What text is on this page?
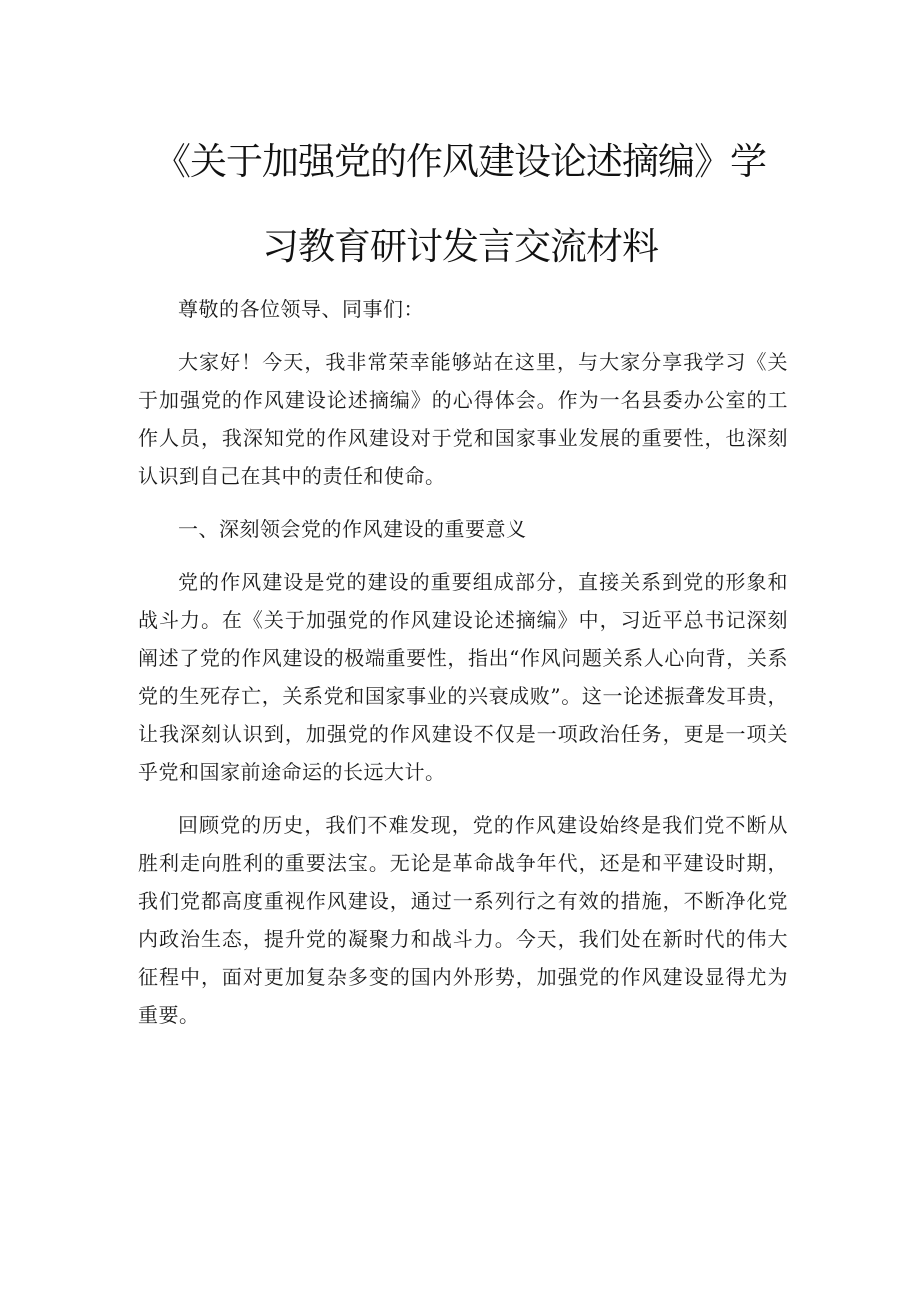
《关于加强党的作风建设论述摘编》学
习教育研讨发言交流材料

尊敬的各位领导、同事们：

大家好！今天，我非常荣幸能够站在这里，与大家分享我学习《关于加强党的作风建设论述摘编》的心得体会。作为一名县委办公室的工作人员，我深知党的作风建设对于党和国家事业发展的重要性，也深刻认识到自己在其中的责任和使命。

一、深刻领会党的作风建设的重要意义

党的作风建设是党的建设的重要组成部分，直接关系到党的形象和战斗力。在《关于加强党的作风建设论述摘编》中，习近平总书记深刻阐述了党的作风建设的极端重要性，指出“作风问题关系人心向背，关系党的生死存亡，关系党和国家事业的兴衰成败”。这一论述振聋发耳贵，让我深刻认识到，加强党的作风建设不仅是一项政治任务，更是一项关乎党和国家前途命运的长远大计。

回顾党的历史，我们不难发现，党的作风建设始终是我们党不断从胜利走向胜利的重要法宝。无论是革命战争年代，还是和平建设时期，我们党都高度重视作风建设，通过一系列行之有效的措施，不断净化党内政治生态，提升党的凝聚力和战斗力。今天，我们处在新时代的伟大征程中，面对更加复杂多变的国内外形势，加强党的作风建设显得尤为重要。
